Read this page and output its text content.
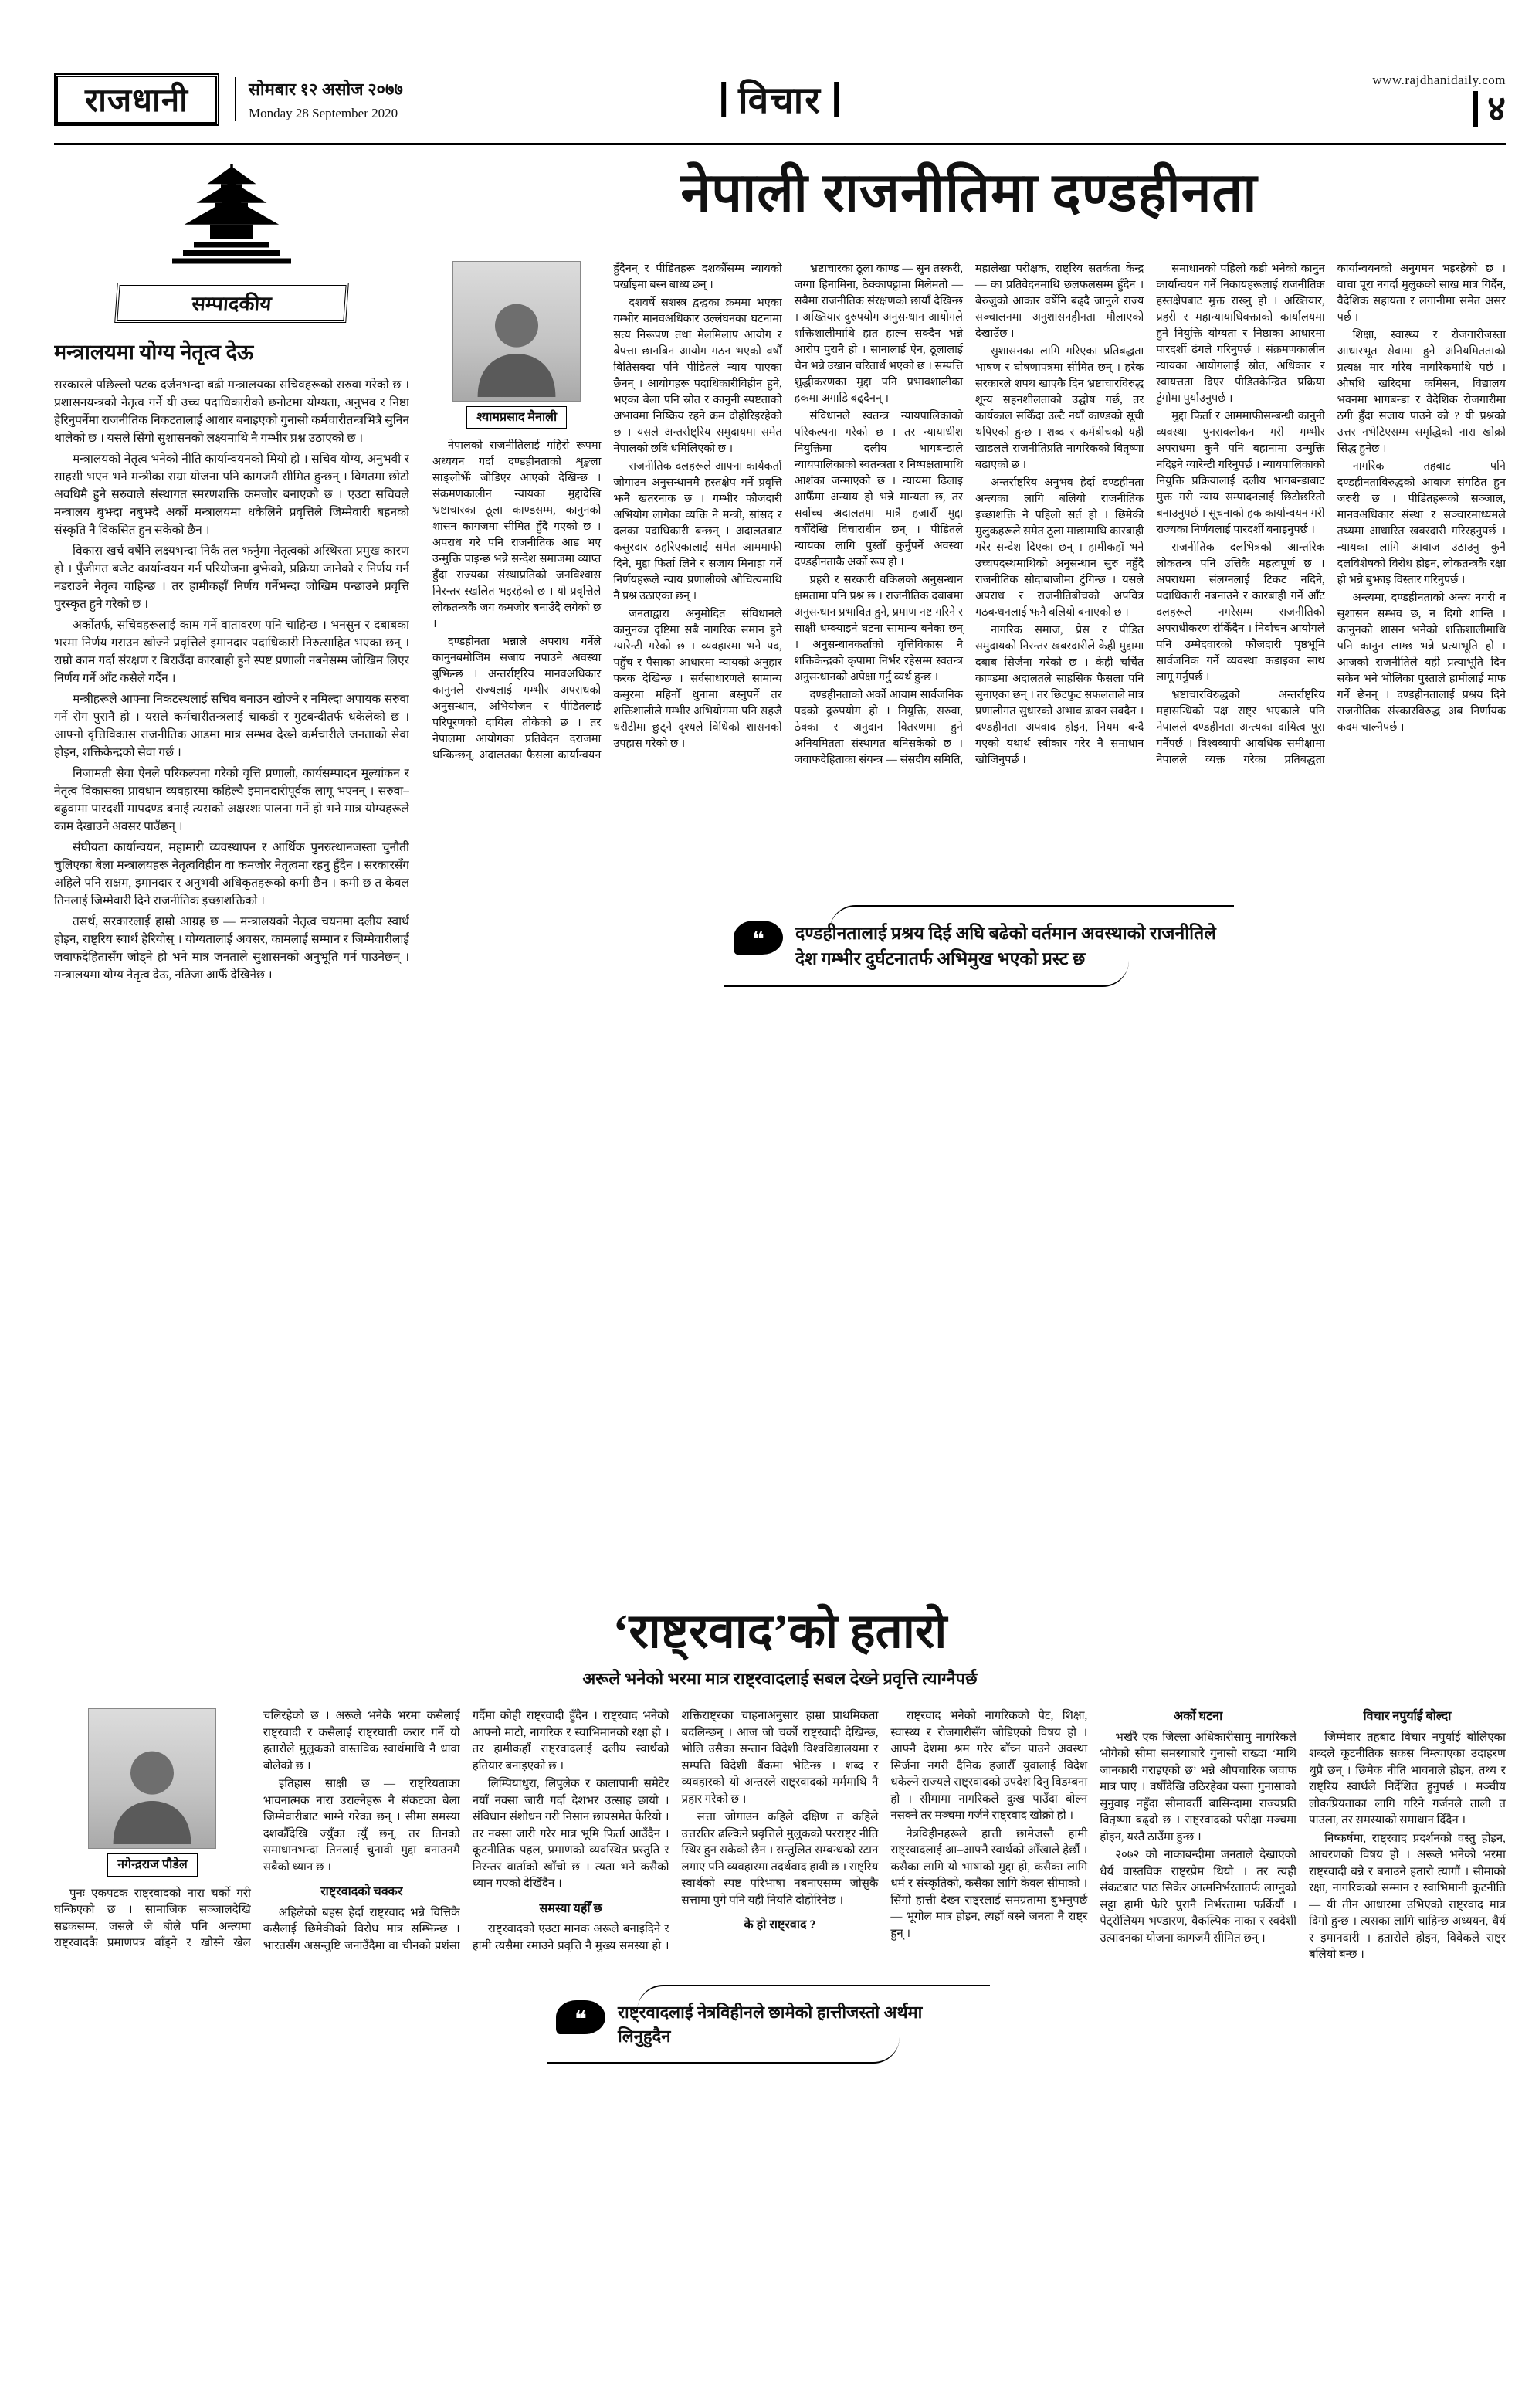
राजधानी	सोमबार १२ असोज २०७७
Monday 28 September 2020	विचार
www.rajdhanidaily.com
४
सम्पादकीय
मन्त्रालयमा योग्य नेतृत्व देऊ

सरकारले पछिल्लो पटक दर्जनभन्दा बढी मन्त्रालयका सचिवहरूको सरुवा गरेको छ । प्रशासनयन्त्रको नेतृत्व गर्ने यी उच्च पदाधिकारीको छनोटमा योग्यता, अनुभव र निष्ठा हेरिनुपर्नेमा राजनीतिक निकटतालाई आधार बनाइएको गुनासो कर्मचारीतन्त्रभित्रै सुनिन थालेको छ । यसले सिंगो सुशासनको लक्ष्यमाथि नै गम्भीर प्रश्न उठाएको छ ।

मन्त्रालयको नेतृत्व भनेको नीति कार्यान्वयनको मियो हो । सचिव योग्य, अनुभवी र साहसी भएन भने मन्त्रीका राम्रा योजना पनि कागजमै सीमित हुन्छन् । विगतमा छोटो अवधिमै हुने सरुवाले संस्थागत स्मरणशक्ति कमजोर बनाएको छ । एउटा सचिवले मन्त्रालय बुझ्दा नबुझ्दै अर्को मन्त्रालयमा धकेलिने प्रवृत्तिले जिम्मेवारी बहनको संस्कृति नै विकसित हुन सकेको छैन ।

विकास खर्च वर्षेनि लक्ष्यभन्दा निकै तल झर्नुमा नेतृत्वको अस्थिरता प्रमुख कारण हो । पुँजीगत बजेट कार्यान्वयन गर्न परियोजना बुझेको, प्रक्रिया जानेको र निर्णय गर्न नडराउने नेतृत्व चाहिन्छ । तर हामीकहाँ निर्णय गर्नेभन्दा जोखिम पन्छाउने प्रवृत्ति पुरस्कृत हुने गरेको छ ।

अर्कोतर्फ, सचिवहरूलाई काम गर्ने वातावरण पनि चाहिन्छ । भनसुन र दबाबका भरमा निर्णय गराउन खोज्ने प्रवृत्तिले इमानदार पदाधिकारी निरुत्साहित भएका छन् । राम्रो काम गर्दा संरक्षण र बिराउँदा कारबाही हुने स्पष्ट प्रणाली नबनेसम्म जोखिम लिएर निर्णय गर्ने आँट कसैले गर्दैन ।

मन्त्रीहरूले आफ्ना निकटस्थलाई सचिव बनाउन खोज्ने र नमिल्दा अपायक सरुवा गर्ने रोग पुरानै हो । यसले कर्मचारीतन्त्रलाई चाकडी र गुटबन्दीतर्फ धकेलेको छ । आफ्नो वृत्तिविकास राजनीतिक आडमा मात्र सम्भव देख्ने कर्मचारीले जनताको सेवा होइन, शक्तिकेन्द्रको सेवा गर्छ ।

निजामती सेवा ऐनले परिकल्पना गरेको वृत्ति प्रणाली, कार्यसम्पादन मूल्यांकन र नेतृत्व विकासका प्रावधान व्यवहारमा कहिल्यै इमानदारीपूर्वक लागू भएनन् । सरुवा–बढुवामा पारदर्शी मापदण्ड बनाई त्यसको अक्षरशः पालना गर्ने हो भने मात्र योग्यहरूले काम देखाउने अवसर पाउँछन् ।

संघीयता कार्यान्वयन, महामारी व्यवस्थापन र आर्थिक पुनरुत्थानजस्ता चुनौती चुलिएका बेला मन्त्रालयहरू नेतृत्वविहीन वा कमजोर नेतृत्वमा रहनु हुँदैन । सरकारसँग अहिले पनि सक्षम, इमानदार र अनुभवी अधिकृतहरूको कमी छैन । कमी छ त केवल तिनलाई जिम्मेवारी दिने राजनीतिक इच्छाशक्तिको ।

तसर्थ, सरकारलाई हाम्रो आग्रह छ — मन्त्रालयको नेतृत्व चयनमा दलीय स्वार्थ होइन, राष्ट्रिय स्वार्थ हेरियोस् । योग्यतालाई अवसर, कामलाई सम्मान र जिम्मेवारीलाई जवाफदेहितासँग जोड्ने हो भने मात्र जनताले सुशासनको अनुभूति गर्न पाउनेछन् । मन्त्रालयमा योग्य नेतृत्व देऊ, नतिजा आफैँ देखिनेछ ।

नेपाली राजनीतिमा दण्डहीनता
श्यामप्रसाद मैनाली

नेपालको राजनीतिलाई गहिरो रूपमा अध्ययन गर्दा दण्डहीनताको शृङ्खला साङ्लोझैँ जोडिएर आएको देखिन्छ । संक्रमणकालीन न्यायका मुद्दादेखि भ्रष्टाचारका ठूला काण्डसम्म, कानुनको शासन कागजमा सीमित हुँदै गएको छ । अपराध गरे पनि राजनीतिक आड भए उन्मुक्ति पाइन्छ भन्ने सन्देश समाजमा व्याप्त हुँदा राज्यका संस्थाप्रतिको जनविश्वास निरन्तर स्खलित भइरहेको छ । यो प्रवृत्तिले लोकतन्त्रकै जग कमजोर बनाउँदै लगेको छ ।

दण्डहीनता भन्नाले अपराध गर्नेले कानुनबमोजिम सजाय नपाउने अवस्था बुझिन्छ । अन्तर्राष्ट्रिय मानवअधिकार कानुनले राज्यलाई गम्भीर अपराधको अनुसन्धान, अभियोजन र पीडितलाई परिपूरणको दायित्व तोकेको छ । तर नेपालमा आयोगका प्रतिवेदन दराजमा थन्किन्छन्, अदालतका फैसला कार्यान्वयन हुँदैनन् र पीडितहरू दशकौँसम्म न्यायको पर्खाइमा बस्न बाध्य छन् ।

दशवर्षे सशस्त्र द्वन्द्वका क्रममा भएका गम्भीर मानवअधिकार उल्लंघनका घटनामा सत्य निरूपण तथा मेलमिलाप आयोग र बेपत्ता छानबिन आयोग गठन भएको वर्षौं बितिसक्दा पनि पीडितले न्याय पाएका छैनन् । आयोगहरू पदाधिकारीविहीन हुने, भएका बेला पनि स्रोत र कानुनी स्पष्टताको अभावमा निष्क्रिय रहने क्रम दोहोरिइरहेको छ । यसले अन्तर्राष्ट्रिय समुदायमा समेत नेपालको छवि धमिलिएको छ ।

राजनीतिक दलहरूले आफ्ना कार्यकर्ता जोगाउन अनुसन्धानमै हस्तक्षेप गर्ने प्रवृत्ति झनै खतरनाक छ । गम्भीर फौजदारी अभियोग लागेका व्यक्ति नै मन्त्री, सांसद र दलका पदाधिकारी बन्छन् । अदालतबाट कसुरदार ठहरिएकालाई समेत आममाफी दिने, मुद्दा फिर्ता लिने र सजाय मिनाहा गर्ने निर्णयहरूले न्याय प्रणालीको औचित्यमाथि नै प्रश्न उठाएका छन् ।

जनताद्वारा अनुमोदित संविधानले कानुनका दृष्टिमा सबै नागरिक समान हुने ग्यारेन्टी गरेको छ । व्यवहारमा भने पद, पहुँच र पैसाका आधारमा न्यायको अनुहार फरक देखिन्छ । सर्वसाधारणले सामान्य कसुरमा महिनौँ थुनामा बस्नुपर्ने तर शक्तिशालीले गम्भीर अभियोगमा पनि सहजै धरौटीमा छुट्ने दृश्यले विधिको शासनको उपहास गरेको छ ।

भ्रष्टाचारका ठूला काण्ड — सुन तस्करी, जग्गा हिनामिना, ठेक्कापट्टामा मिलेमतो — सबैमा राजनीतिक संरक्षणको छायाँ देखिन्छ । अख्तियार दुरुपयोग अनुसन्धान आयोगले शक्तिशालीमाथि हात हाल्न सक्दैन भन्ने आरोप पुरानै हो । सानालाई ऐन, ठूलालाई चैन भन्ने उखान चरितार्थ भएको छ । सम्पत्ति शुद्धीकरणका मुद्दा पनि प्रभावशालीका हकमा अगाडि बढ्दैनन् ।

संविधानले स्वतन्त्र न्यायपालिकाको परिकल्पना गरेको छ । तर न्यायाधीश नियुक्तिमा दलीय भागबन्डाले न्यायपालिकाको स्वतन्त्रता र निष्पक्षतामाथि आशंका जन्माएको छ । न्यायमा ढिलाइ आफैँमा अन्याय हो भन्ने मान्यता छ, तर सर्वोच्च अदालतमा मात्रै हजारौँ मुद्दा वर्षौंदेखि विचाराधीन छन् । पीडितले न्यायका लागि पुस्तौँ कुर्नुपर्ने अवस्था दण्डहीनताकै अर्को रूप हो ।

प्रहरी र सरकारी वकिलको अनुसन्धान क्षमतामा पनि प्रश्न छ । राजनीतिक दबाबमा अनुसन्धान प्रभावित हुने, प्रमाण नष्ट गरिने र साक्षी धम्क्याइने घटना सामान्य बनेका छन् । अनुसन्धानकर्ताको वृत्तिविकास नै शक्तिकेन्द्रको कृपामा निर्भर रहेसम्म स्वतन्त्र अनुसन्धानको अपेक्षा गर्नु व्यर्थ हुन्छ ।

दण्डहीनताको अर्को आयाम सार्वजनिक पदको दुरुपयोग हो । नियुक्ति, सरुवा, ठेक्का र अनुदान वितरणमा हुने अनियमितता संस्थागत बनिसकेको छ । जवाफदेहिताका संयन्त्र — संसदीय समिति, महालेखा परीक्षक, राष्ट्रिय सतर्कता केन्द्र — का प्रतिवेदनमाथि छलफलसम्म हुँदैन । बेरुजुको आकार वर्षेनि बढ्दै जानुले राज्य सञ्चालनमा अनुशासनहीनता मौलाएको देखाउँछ ।

सुशासनका लागि गरिएका प्रतिबद्धता भाषण र घोषणापत्रमा सीमित छन् । हरेक सरकारले शपथ खाएकै दिन भ्रष्टाचारविरुद्ध शून्य सहनशीलताको उद्घोष गर्छ, तर कार्यकाल सकिँदा उल्टै नयाँ काण्डको सूची थपिएको हुन्छ । शब्द र कर्मबीचको यही खाडलले राजनीतिप्रति नागरिकको वितृष्णा बढाएको छ ।

अन्तर्राष्ट्रिय अनुभव हेर्दा दण्डहीनता अन्त्यका लागि बलियो राजनीतिक इच्छाशक्ति नै पहिलो सर्त हो । छिमेकी मुलुकहरूले समेत ठूला माछामाथि कारबाही गरेर सन्देश दिएका छन् । हामीकहाँ भने उच्चपदस्थमाथिको अनुसन्धान सुरु नहुँदै राजनीतिक सौदाबाजीमा टुंगिन्छ । यसले अपराध र राजनीतिबीचको अपवित्र गठबन्धनलाई झनै बलियो बनाएको छ ।

नागरिक समाज, प्रेस र पीडित समुदायको निरन्तर खबरदारीले केही मुद्दामा दबाब सिर्जना गरेको छ । केही चर्चित काण्डमा अदालतले साहसिक फैसला पनि सुनाएका छन् । तर छिटफुट सफलताले मात्र प्रणालीगत सुधारको अभाव ढाक्न सक्दैन । दण्डहीनता अपवाद होइन, नियम बन्दै गएको यथार्थ स्वीकार गरेर नै समाधान खोजिनुपर्छ ।

समाधानको पहिलो कडी भनेको कानुन कार्यान्वयन गर्ने निकायहरूलाई राजनीतिक हस्तक्षेपबाट मुक्त राख्नु हो । अख्तियार, प्रहरी र महान्यायाधिवक्ताको कार्यालयमा हुने नियुक्ति योग्यता र निष्ठाका आधारमा पारदर्शी ढंगले गरिनुपर्छ । संक्रमणकालीन न्यायका आयोगलाई स्रोत, अधिकार र स्वायत्तता दिएर पीडितकेन्द्रित प्रक्रिया टुंगोमा पुर्याउनुपर्छ ।

मुद्दा फिर्ता र आममाफीसम्बन्धी कानुनी व्यवस्था पुनरावलोकन गरी गम्भीर अपराधमा कुनै पनि बहानामा उन्मुक्ति नदिइने ग्यारेन्टी गरिनुपर्छ । न्यायपालिकाको नियुक्ति प्रक्रियालाई दलीय भागबन्डाबाट मुक्त गरी न्याय सम्पादनलाई छिटोछरितो बनाउनुपर्छ । सूचनाको हक कार्यान्वयन गरी राज्यका निर्णयलाई पारदर्शी बनाइनुपर्छ ।

राजनीतिक दलभित्रको आन्तरिक लोकतन्त्र पनि उत्तिकै महत्वपूर्ण छ । अपराधमा संलग्नलाई टिकट नदिने, पदाधिकारी नबनाउने र कारबाही गर्ने आँट दलहरूले नगरेसम्म राजनीतिको अपराधीकरण रोकिँदैन । निर्वाचन आयोगले पनि उम्मेदवारको फौजदारी पृष्ठभूमि सार्वजनिक गर्ने व्यवस्था कडाइका साथ लागू गर्नुपर्छ ।

भ्रष्टाचारविरुद्धको अन्तर्राष्ट्रिय महासन्धिको पक्ष राष्ट्र भएकाले पनि नेपालले दण्डहीनता अन्त्यका दायित्व पूरा गर्नैपर्छ । विश्वव्यापी आवधिक समीक्षामा नेपालले व्यक्त गरेका प्रतिबद्धता कार्यान्वयनको अनुगमन भइरहेको छ । वाचा पूरा नगर्दा मुलुकको साख मात्र गिर्दैन, वैदेशिक सहायता र लगानीमा समेत असर पर्छ ।

शिक्षा, स्वास्थ्य र रोजगारीजस्ता आधारभूत सेवामा हुने अनियमितताको प्रत्यक्ष मार गरिब नागरिकमाथि पर्छ । औषधि खरिदमा कमिसन, विद्यालय भवनमा भागबन्डा र वैदेशिक रोजगारीमा ठगी हुँदा सजाय पाउने को ? यी प्रश्नको उत्तर नभेटिएसम्म समृद्धिको नारा खोक्रो सिद्ध हुनेछ ।

नागरिक तहबाट पनि दण्डहीनताविरुद्धको आवाज संगठित हुन जरुरी छ । पीडितहरूको सञ्जाल, मानवअधिकार संस्था र सञ्चारमाध्यमले तथ्यमा आधारित खबरदारी गरिरहनुपर्छ । न्यायका लागि आवाज उठाउनु कुनै दलविशेषको विरोध होइन, लोकतन्त्रकै रक्षा हो भन्ने बुझाइ विस्तार गरिनुपर्छ ।

अन्त्यमा, दण्डहीनताको अन्त्य नगरी न सुशासन सम्भव छ, न दिगो शान्ति । कानुनको शासन भनेको शक्तिशालीमाथि पनि कानुन लाग्छ भन्ने प्रत्याभूति हो । आजको राजनीतिले यही प्रत्याभूति दिन सकेन भने भोलिका पुस्ताले हामीलाई माफ गर्ने छैनन् । दण्डहीनतालाई प्रश्रय दिने राजनीतिक संस्कारविरुद्ध अब निर्णायक कदम चाल्नैपर्छ ।

❝	दण्डहीनतालाई प्रश्रय दिई अघि बढेको वर्तमान अवस्थाको राजनीतिले देश गम्भीर दुर्घटनातर्फ अभिमुख भएको प्रस्ट छ
‘राष्ट्रवाद’को हतारो
अरूले भनेको भरमा मात्र राष्ट्रवादलाई सबल देख्ने प्रवृत्ति त्याग्नैपर्छ
नगेन्द्रराज पौडेल

पुनः एकपटक राष्ट्रवादको नारा चर्को गरी घन्किएको छ । सामाजिक सञ्जालदेखि सडकसम्म, जसले जे बोले पनि अन्त्यमा राष्ट्रवादकै प्रमाणपत्र बाँड्ने र खोस्ने खेल चलिरहेको छ । अरूले भनेकै भरमा कसैलाई राष्ट्रवादी र कसैलाई राष्ट्रघाती करार गर्ने यो हतारोले मुलुकको वास्तविक स्वार्थमाथि नै धावा बोलेको छ ।

इतिहास साक्षी छ — राष्ट्रियताका भावनात्मक नारा उराल्नेहरू नै संकटका बेला जिम्मेवारीबाट भाग्ने गरेका छन् । सीमा समस्या दशकौँदेखि ज्युँका त्युँ छन्, तर तिनको समाधानभन्दा तिनलाई चुनावी मुद्दा बनाउनमै सबैको ध्यान छ ।

राष्ट्रवादको चक्कर

अहिलेको बहस हेर्दा राष्ट्रवाद भन्ने वित्तिकै कसैलाई छिमेकीको विरोध मात्र सम्झिन्छ । भारतसँग असन्तुष्टि जनाउँदैमा वा चीनको प्रशंसा गर्दैमा कोही राष्ट्रवादी हुँदैन । राष्ट्रवाद भनेको आफ्नो माटो, नागरिक र स्वाभिमानको रक्षा हो । तर हामीकहाँ राष्ट्रवादलाई दलीय स्वार्थको हतियार बनाइएको छ ।

लिम्पियाधुरा, लिपुलेक र कालापानी समेटेर नयाँ नक्सा जारी गर्दा देशभर उत्साह छायो । संविधान संशोधन गरी निसान छापसमेत फेरियो । तर नक्सा जारी गरेर मात्र भूमि फिर्ता आउँदैन । कूटनीतिक पहल, प्रमाणको व्यवस्थित प्रस्तुति र निरन्तर वार्ताको खाँचो छ । त्यता भने कसैको ध्यान गएको देखिँदैन ।

समस्या यहीँ छ

राष्ट्रवादको एउटा मानक अरूले बनाइदिने र हामी त्यसैमा रमाउने प्रवृत्ति नै मुख्य समस्या हो । शक्तिराष्ट्रका चाहनाअनुसार हाम्रा प्राथमिकता बदलिन्छन् । आज जो चर्को राष्ट्रवादी देखिन्छ, भोलि उसैका सन्तान विदेशी विश्वविद्यालयमा र सम्पत्ति विदेशी बैंकमा भेटिन्छ । शब्द र व्यवहारको यो अन्तरले राष्ट्रवादको मर्ममाथि नै प्रहार गरेको छ ।

सत्ता जोगाउन कहिले दक्षिण त कहिले उत्तरतिर ढल्किने प्रवृत्तिले मुलुकको परराष्ट्र नीति स्थिर हुन सकेको छैन । सन्तुलित सम्बन्धको रटान लगाए पनि व्यवहारमा तदर्थवाद हावी छ । राष्ट्रिय स्वार्थको स्पष्ट परिभाषा नबनाएसम्म जोसुकै सत्तामा पुगे पनि यही नियति दोहोरिनेछ ।

के हो राष्ट्रवाद ?

राष्ट्रवाद भनेको नागरिकको पेट, शिक्षा, स्वास्थ्य र रोजगारीसँग जोडिएको विषय हो । आफ्नै देशमा श्रम गरेर बाँच्न पाउने अवस्था सिर्जना नगरी दैनिक हजारौँ युवालाई विदेश धकेल्ने राज्यले राष्ट्रवादको उपदेश दिनु विडम्बना हो । सीमामा नागरिकले दुःख पाउँदा बोल्न नसक्ने तर मञ्चमा गर्जने राष्ट्रवाद खोक्रो हो ।

नेत्रविहीनहरूले हात्ती छामेजस्तै हामी राष्ट्रवादलाई आ–आफ्नै स्वार्थको आँखाले हेर्छौं । कसैका लागि यो भाषाको मुद्दा हो, कसैका लागि धर्म र संस्कृतिको, कसैका लागि केवल सीमाको । सिंगो हात्ती देख्न राष्ट्रलाई समग्रतामा बुझ्नुपर्छ — भूगोल मात्र होइन, त्यहाँ बस्ने जनता नै राष्ट्र हुन् ।

अर्को घटना

भर्खरै एक जिल्ला अधिकारीसामु नागरिकले भोगेको सीमा समस्याबारे गुनासो राख्दा ‘माथि जानकारी गराइएको छ’ भन्ने औपचारिक जवाफ मात्र पाए । वर्षौंदेखि उठिरहेका यस्ता गुनासाको सुनुवाइ नहुँदा सीमावर्ती बासिन्दामा राज्यप्रति वितृष्णा बढ्दो छ । राष्ट्रवादको परीक्षा मञ्चमा होइन, यस्तै ठाउँमा हुन्छ ।

२०७२ को नाकाबन्दीमा जनताले देखाएको धैर्य वास्तविक राष्ट्रप्रेम थियो । तर त्यही संकटबाट पाठ सिकेर आत्मनिर्भरतातर्फ लाग्नुको सट्टा हामी फेरि पुरानै निर्भरतामा फर्कियौं । पेट्रोलियम भण्डारण, वैकल्पिक नाका र स्वदेशी उत्पादनका योजना कागजमै सीमित छन् ।

विचार नपुर्याई बोल्दा

जिम्मेवार तहबाट विचार नपुर्याई बोलिएका शब्दले कूटनीतिक सकस निम्त्याएका उदाहरण थुप्रै छन् । छिमेक नीति भावनाले होइन, तथ्य र राष्ट्रिय स्वार्थले निर्देशित हुनुपर्छ । मञ्चीय लोकप्रियताका लागि गरिने गर्जनले ताली त पाउला, तर समस्याको समाधान दिँदैन ।

निष्कर्षमा, राष्ट्रवाद प्रदर्शनको वस्तु होइन, आचरणको विषय हो । अरूले भनेको भरमा राष्ट्रवादी बन्ने र बनाउने हतारो त्यागौं । सीमाको रक्षा, नागरिकको सम्मान र स्वाभिमानी कूटनीति — यी तीन आधारमा उभिएको राष्ट्रवाद मात्र दिगो हुन्छ । त्यसका लागि चाहिन्छ अध्ययन, धैर्य र इमानदारी । हतारोले होइन, विवेकले राष्ट्र बलियो बन्छ ।

❝	राष्ट्रवादलाई नेत्रविहीनले छामेको हात्तीजस्तो अर्थमा लिनुहुदैन
